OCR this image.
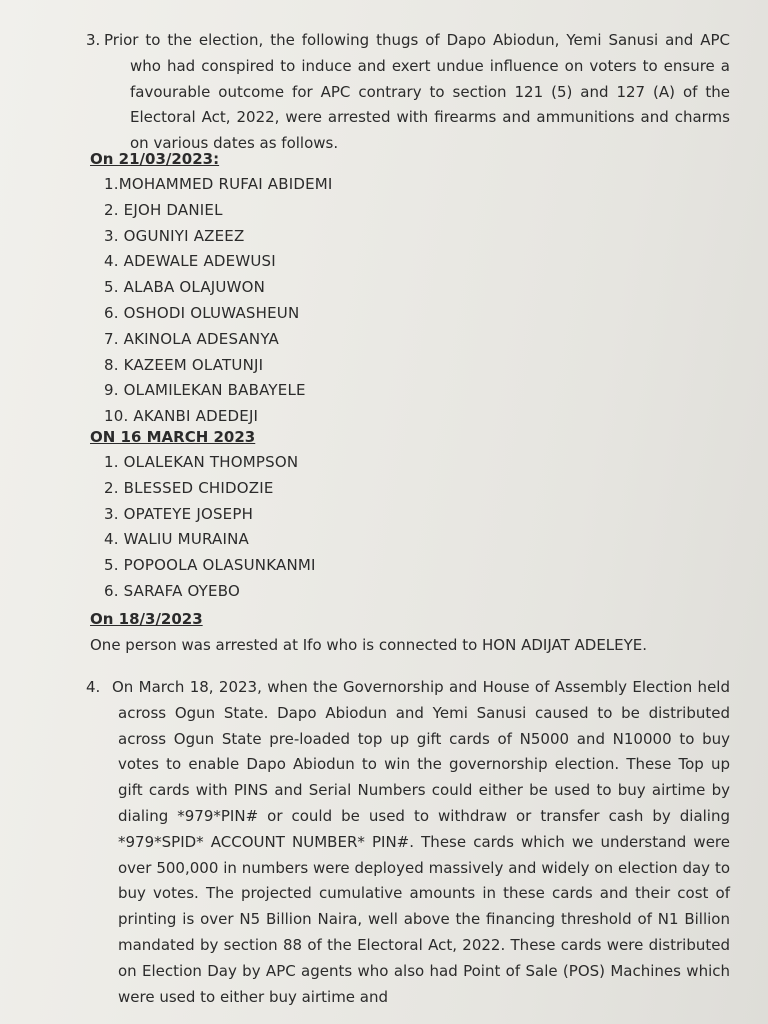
3. Prior to the election, the following thugs of Dapo Abiodun, Yemi Sanusi and APC who had conspired to induce and exert undue influence on voters to ensure a favourable outcome for APC contrary to section 121 (5) and 127 (A) of the Electoral Act, 2022, were arrested with firearms and ammunitions and charms on various dates as follows.

On 21/03/2023:

1.MOHAMMED RUFAI ABIDEMI
2. EJOH DANIEL
3. OGUNIYI AZEEZ
4. ADEWALE ADEWUSI
5. ALABA OLAJUWON
6. OSHODI OLUWASHEUN
7. AKINOLA ADESANYA
8. KAZEEM OLATUNJI
9. OLAMILEKAN BABAYELE
10. AKANBI ADEDEJI

ON 16 MARCH 2023

1. OLALEKAN THOMPSON
2. BLESSED CHIDOZIE
3. OPATEYE JOSEPH
4. WALIU MURAINA
5. POPOOLA OLASUNKANMI
6. SARAFA OYEBO

On 18/3/2023

One person was arrested at Ifo who is connected to HON ADIJAT ADELEYE.

4. On March 18, 2023, when the Governorship and House of Assembly Election held across Ogun State. Dapo Abiodun and Yemi Sanusi caused to be distributed across Ogun State pre-loaded top up gift cards of N5000 and N10000 to buy votes to enable Dapo Abiodun to win the governorship election. These Top up gift cards with PINS and Serial Numbers could either be used to buy airtime by dialing *979*PIN# or could be used to withdraw or transfer cash by dialing *979*SPID* ACCOUNT NUMBER* PIN#. These cards which we understand were over 500,000 in numbers were deployed massively and widely on election day to buy votes. The projected cumulative amounts in these cards and their cost of printing is over N5 Billion Naira, well above the financing threshold of N1 Billion mandated by section 88 of the Electoral Act, 2022. These cards were distributed on Election Day by APC agents who also had Point of Sale (POS) Machines which were used to either buy airtime and
